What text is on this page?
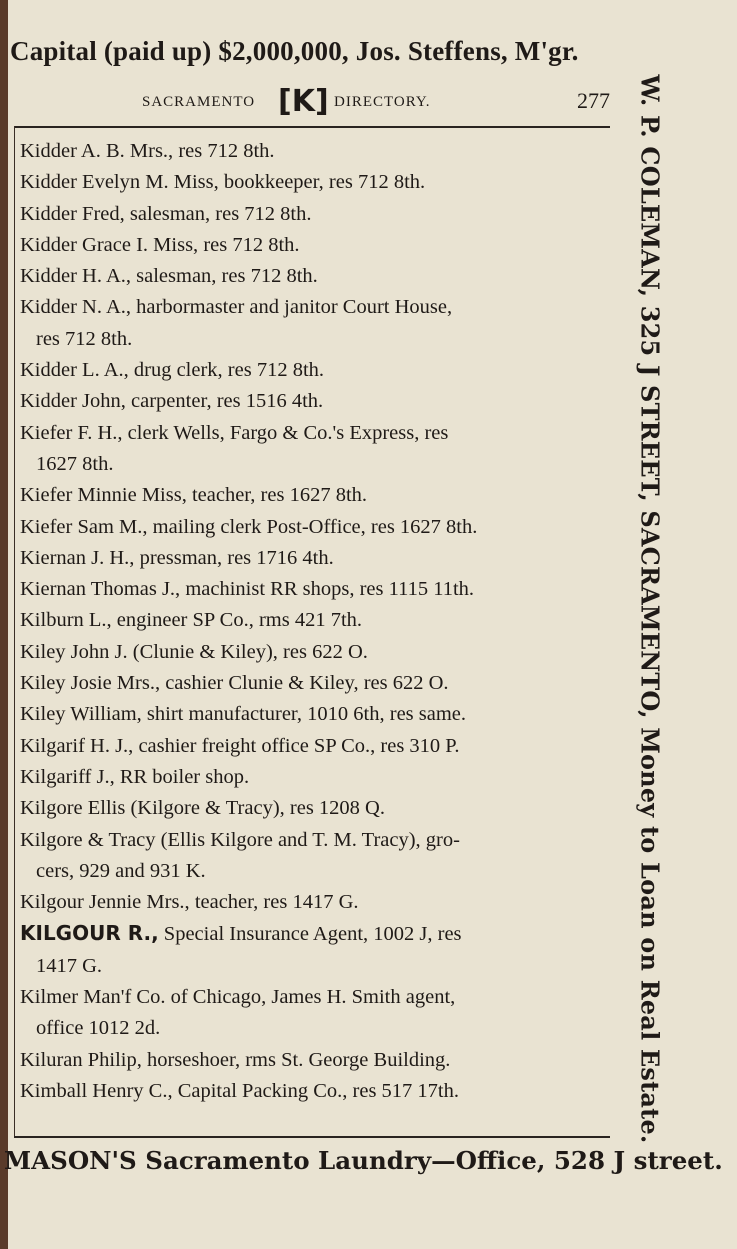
Capital (paid up) $2,000,000, Jos. Steffens, M'gr.
SACRAMENTO [K] DIRECTORY.	277

Kidder A. B. Mrs., res 712 8th.

Kidder Evelyn M. Miss, bookkeeper, res 712 8th.

Kidder Fred, salesman, res 712 8th.

Kidder Grace I. Miss, res 712 8th.

Kidder H. A., salesman, res 712 8th.

Kidder N. A., harbormaster and janitor Court House,
res 712 8th.

Kidder L. A., drug clerk, res 712 8th.

Kidder John, carpenter, res 1516 4th.

Kiefer F. H., clerk Wells, Fargo & Co.'s Express, res
1627 8th.

Kiefer Minnie Miss, teacher, res 1627 8th.

Kiefer Sam M., mailing clerk Post-Office, res 1627 8th.

Kiernan J. H., pressman, res 1716 4th.

Kiernan Thomas J., machinist RR shops, res 1115 11th.

Kilburn L., engineer SP Co., rms 421 7th.

Kiley John J. (Clunie & Kiley), res 622 O.

Kiley Josie Mrs., cashier Clunie & Kiley, res 622 O.

Kiley William, shirt manufacturer, 1010 6th, res same.

Kilgarif H. J., cashier freight office SP Co., res 310 P.

Kilgariff J., RR boiler shop.

Kilgore Ellis (Kilgore & Tracy), res 1208 Q.

Kilgore & Tracy (Ellis Kilgore and T. M. Tracy), gro-
cers, 929 and 931 K.

Kilgour Jennie Mrs., teacher, res 1417 G.

KILGOUR R., Special Insurance Agent, 1002 J, res
1417 G.

Kilmer Man'f Co. of Chicago, James H. Smith agent,
office 1012 2d.

Kiluran Philip, horseshoer, rms St. George Building.

Kimball Henry C., Capital Packing Co., res 517 17th.	W. P. COLEMAN, 325 J STREET, SACRAMENTO, Money to Loan on Real Estate.
MASON'S Sacramento Laundry—Office, 528 J street.
